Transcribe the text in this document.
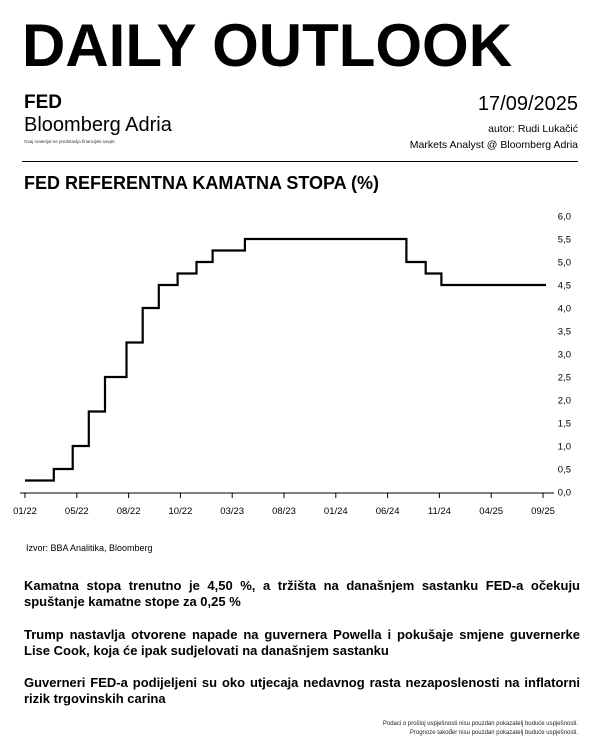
DAILY OUTLOOK
FED
Bloomberg Adria
Ovaj materijal ne predstavlja financijski savjet.
17/09/2025
autor: Rudi Lukačić
Markets Analyst @ Bloomberg Adria
FED REFERENTNA KAMATNA STOPA (%)
0,0
0,5
1,0
1,5
2,0
2,5
3,0
3,5
4,0
4,5
5,0
5,5
6,0
01/22	05/22	08/22	10/22	03/23	08/23	01/24	06/24	11/24	04/25	09/25
Izvor: BBA Analitika, Bloomberg
Kamatna stopa trenutno je 4,50 %, a tržišta na današnjem sastanku FED-a očekuju spuštanje kamatne stope za 0,25 %
Trump nastavlja otvorene napade na guvernera Powella i pokušaje smjene guvernerke Lise Cook, koja će ipak sudjelovati na današnjem sastanku
Guverneri FED-a podijeljeni su oko utjecaja nedavnog rasta nezaposlenosti na inflatorni rizik trgovinskih carina
Podaci o prošlој uspješnosti nisu pouzdan pokazatelj buduće uspješnosti.
Prognoze također nisu pouzdan pokazatelj buduće uspješnosti.
